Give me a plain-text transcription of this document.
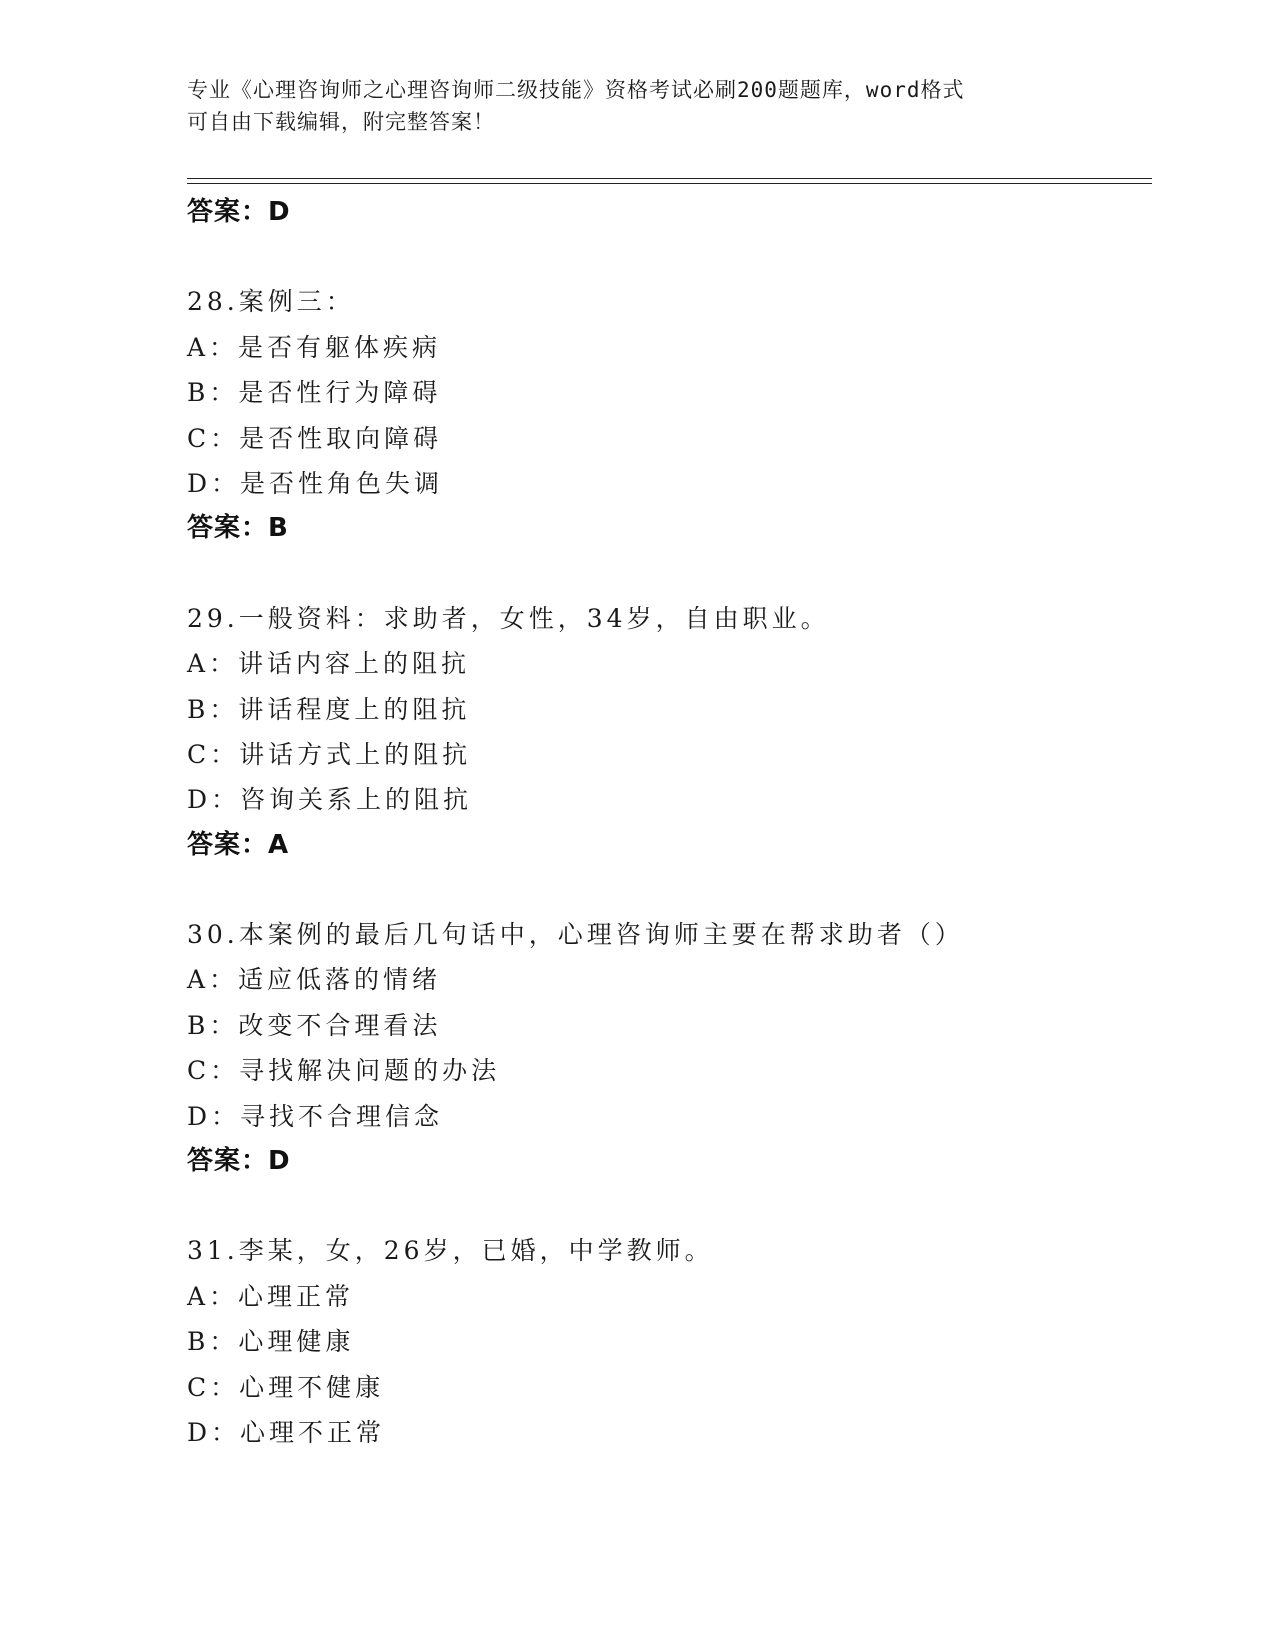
专业《心理咨询师之心理咨询师二级技能》资格考试必刷200题题库，word格式
可自由下载编辑，附完整答案！
答案：D
28.案例三：
A：是否有躯体疾病
B：是否性行为障碍
C：是否性取向障碍
D：是否性角色失调
答案：B
29.一般资料：求助者，女性，34岁，自由职业。
A：讲话内容上的阻抗
B：讲话程度上的阻抗
C：讲话方式上的阻抗
D：咨询关系上的阻抗
答案：A
30.本案例的最后几句话中，心理咨询师主要在帮求助者（）
A：适应低落的情绪
B：改变不合理看法
C：寻找解决问题的办法
D：寻找不合理信念
答案：D
31.李某，女，26岁，已婚，中学教师。
A：心理正常
B：心理健康
C：心理不健康
D：心理不正常
